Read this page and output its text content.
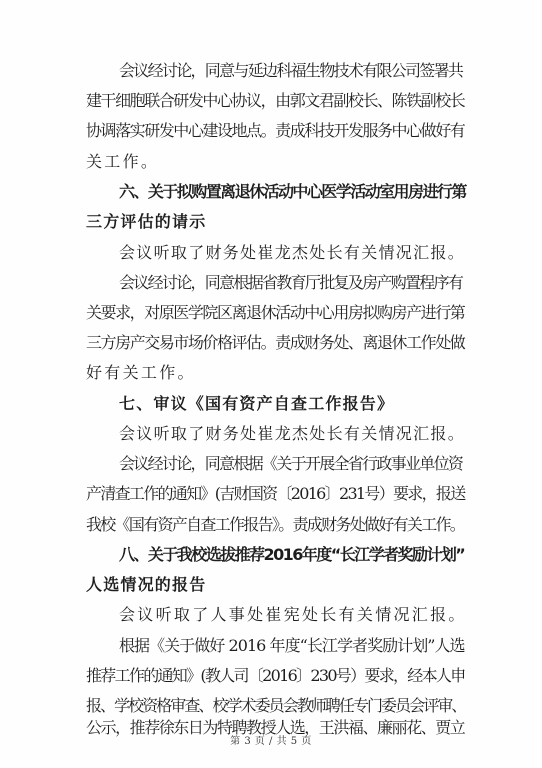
会议经讨论，同意与延边科福生物技术有限公司签署共
建干细胞联合研发中心协议，由郭文君副校长、陈铁副校长
协调落实研发中心建设地点。责成科技开发服务中心做好有
关工作。
六、关于拟购置离退休活动中心医学活动室用房进行第
三方评估的请示
会议听取了财务处崔龙杰处长有关情况汇报。
会议经讨论，同意根据省教育厅批复及房产购置程序有
关要求，对原医学院区离退休活动中心用房拟购房产进行第
三方房产交易市场价格评估。责成财务处、离退休工作处做
好有关工作。
七、审议《国有资产自查工作报告》
会议听取了财务处崔龙杰处长有关情况汇报。
会议经讨论，同意根据《关于开展全省行政事业单位资
产清查工作的通知》(吉财国资〔2016〕231号）要求，报送
我校《国有资产自查工作报告》。责成财务处做好有关工作。
八、关于我校选拔推荐2016年度“长江学者奖励计划”
人选情况的报告
会议听取了人事处崔宪处长有关情况汇报。
根据《关于做好 2016 年度“长江学者奖励计划”人选
推荐工作的通知》(教人司〔2016〕230号）要求，经本人申
报、学校资格审查、校学术委员会教师聘任专门委员会评审、
公示，推荐徐东日为特聘教授人选，王洪福、廉丽花、贾立
第 3 页 / 共 5 页
